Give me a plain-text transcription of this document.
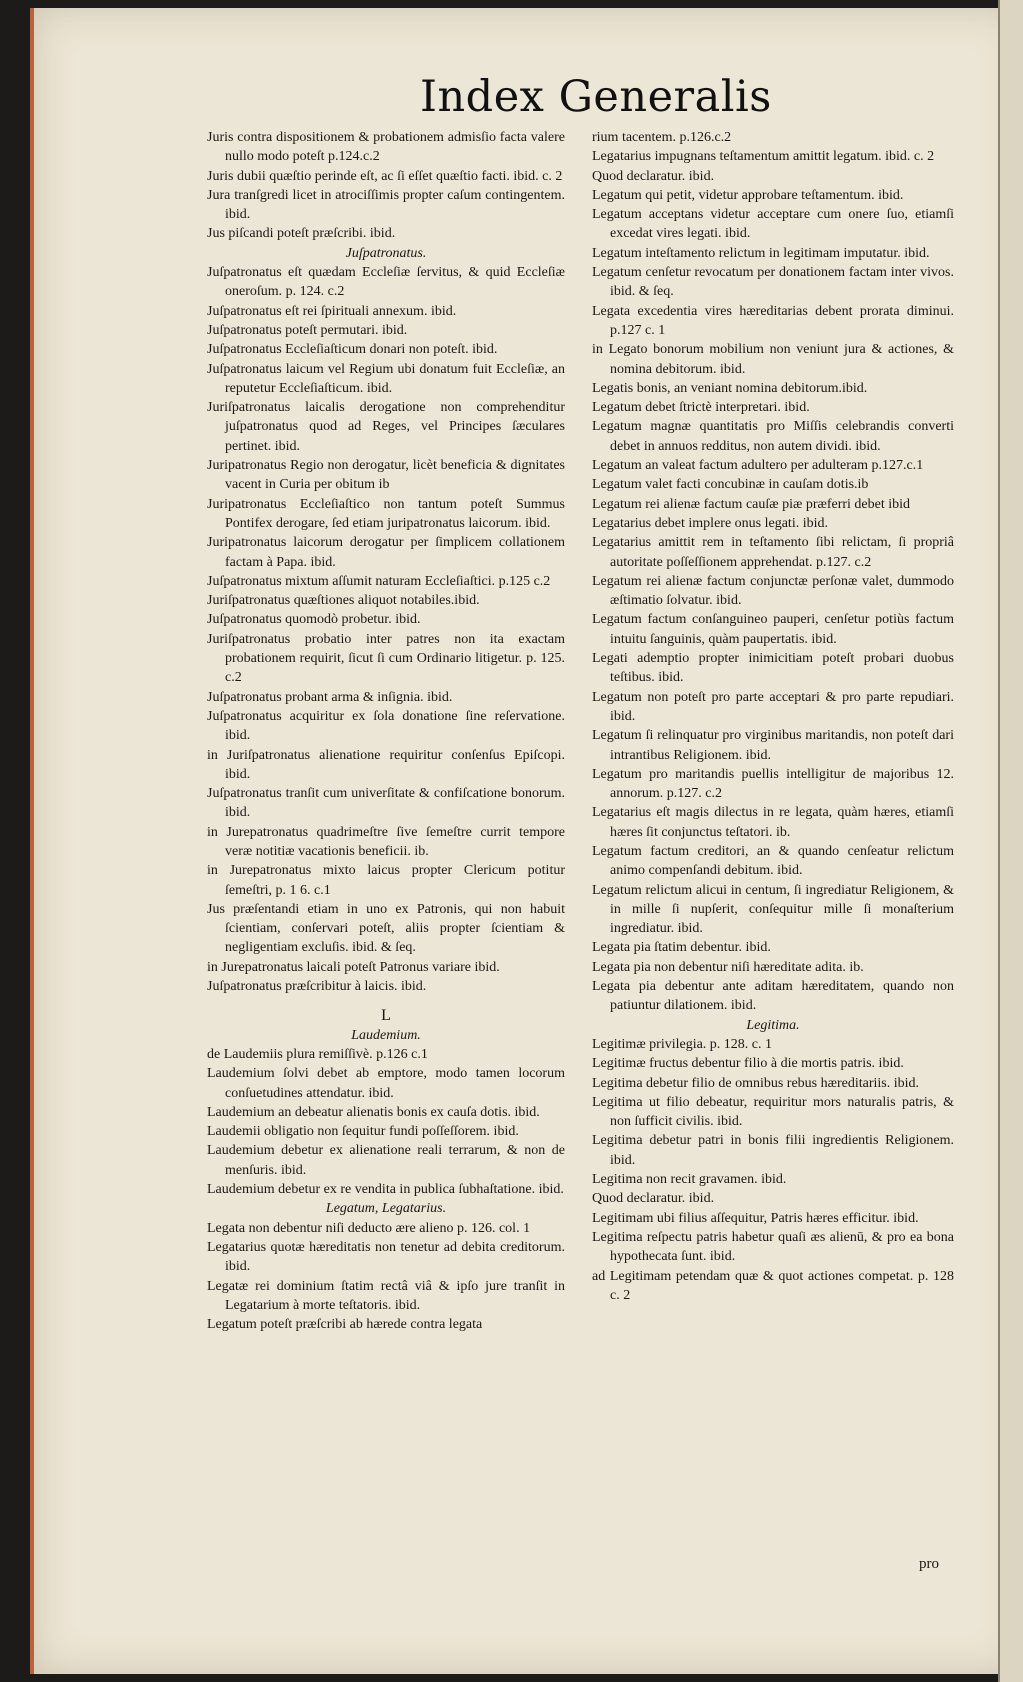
Index Generalis
Juris contra dispositionem & probationem admisſio facta valere nullo modo poteſt p.124.c.2
Juris dubii quæſtio perinde eſt, ac ſi eſſet quæſtio facti. ibid. c. 2
Jura tranſgredi licet in atrociſſimis propter caſum contingentem. ibid.
Jus piſcandi poteſt præſcribi. ibid.
Juſpatronatus.
Juſpatronatus eſt quædam Eccleſiæ ſervitus, & quid Eccleſiæ oneroſum. p. 124. c.2
Juſpatronatus eſt rei ſpirituali annexum. ibid.
Juſpatronatus poteſt permutari. ibid.
Juſpatronatus Eccleſiaſticum donari non poteſt. ibid.
Juſpatronatus laicum vel Regium ubi donatum fuit Eccleſiæ, an reputetur Eccleſiaſticum. ibid.
Juriſpatronatus laicalis derogatione non comprehenditur juſpatronatus quod ad Reges, vel Principes ſæculares pertinet. ibid.
Juripatronatus Regio non derogatur, licèt beneficia & dignitates vacent in Curia per obitum ib
Juripatronatus Eccleſiaſtico non tantum poteſt Summus Pontifex derogare, ſed etiam juripatronatus laicorum. ibid.
Juripatronatus laicorum derogatur per ſimplicem collationem factam à Papa. ibid.
Juſpatronatus mixtum aſſumit naturam Eccleſiaſtici. p.125 c.2
Juriſpatronatus quæſtiones aliquot notabiles.ibid.
Juſpatronatus quomodò probetur. ibid.
Juriſpatronatus probatio inter patres non ita exactam probationem requirit, ſicut ſi cum Ordinario litigetur. p. 125. c.2
Juſpatronatus probant arma & inſignia. ibid.
Juſpatronatus acquiritur ex ſola donatione ſine reſervatione. ibid.
in Juriſpatronatus alienatione requiritur conſenſus Epiſcopi. ibid.
Juſpatronatus tranſit cum univerſitate & confiſcatione bonorum. ibid.
in Jurepatronatus quadrimeſtre ſive ſemeſtre currit tempore veræ notitiæ vacationis beneficii. ib.
in Jurepatronatus mixto laicus propter Clericum potitur ſemeſtri, p. 1 6. c.1
Jus præſentandi etiam in uno ex Patronis, qui non habuit ſcientiam, conſervari poteſt, aliis propter ſcientiam & negligentiam excluſis. ibid. & ſeq.
in Jurepatronatus laicali poteſt Patronus variare ibid.
Juſpatronatus præſcribitur à laicis. ibid.
L
Laudemium.
de Laudemiis plura remiſſivè. p.126 c.1
Laudemium ſolvi debet ab emptore, modo tamen locorum conſuetudines attendatur. ibid.
Laudemium an debeatur alienatis bonis ex cauſa dotis. ibid.
Laudemii obligatio non ſequitur fundi poſſeſſorem. ibid.
Laudemium debetur ex alienatione reali terrarum, & non de menſuris. ibid.
Laudemium debetur ex re vendita in publica ſubhaſtatione. ibid.
Legatum, Legatarius.
Legata non debentur niſi deducto ære alieno p. 126. col. 1
Legatarius quotæ hæreditatis non tenetur ad debita creditorum. ibid.
Legatæ rei dominium ſtatim rectâ viâ & ipſo jure tranſit in Legatarium à morte teſtatoris. ibid.
Legatum poteſt præſcribi ab hærede contra legata
rium tacentem. p.126.c.2
Legatarius impugnans teſtamentum amittit legatum. ibid. c. 2
Quod declaratur. ibid.
Legatum qui petit, videtur approbare teſtamentum. ibid.
Legatum acceptans videtur acceptare cum onere ſuo, etiamſi excedat vires legati. ibid.
Legatum inteſtamento relictum in legitimam imputatur. ibid.
Legatum cenſetur revocatum per donationem factam inter vivos. ibid. & ſeq.
Legata excedentia vires hæreditarias debent prorata diminui. p.127 c. 1
in Legato bonorum mobilium non veniunt jura & actiones, & nomina debitorum. ibid.
Legatis bonis, an veniant nomina debitorum.ibid.
Legatum debet ſtrictè interpretari. ibid.
Legatum magnæ quantitatis pro Miſſis celebrandis converti debet in annuos redditus, non autem dividi. ibid.
Legatum an valeat factum adultero per adulteram p.127.c.1
Legatum valet facti concubinæ in cauſam dotis.ib
Legatum rei alienæ factum cauſæ piæ præferri debet ibid
Legatarius debet implere onus legati. ibid.
Legatarius amittit rem in teſtamento ſibi relictam, ſi propriâ autoritate poſſeſſionem apprehendat. p.127. c.2
Legatum rei alienæ factum conjunctæ perſonæ valet, dummodo æſtimatio ſolvatur. ibid.
Legatum factum conſanguineo pauperi, cenſetur potiùs factum intuitu ſanguinis, quàm paupertatis. ibid.
Legati ademptio propter inimicitiam poteſt probari duobus teſtibus. ibid.
Legatum non poteſt pro parte acceptari & pro parte repudiari. ibid.
Legatum ſi relinquatur pro virginibus maritandis, non poteſt dari intrantibus Religionem. ibid.
Legatum pro maritandis puellis intelligitur de majoribus 12. annorum. p.127. c.2
Legatarius eſt magis dilectus in re legata, quàm hæres, etiamſi hæres ſit conjunctus teſtatori. ib.
Legatum factum creditori, an & quando cenſeatur relictum animo compenſandi debitum. ibid.
Legatum relictum alicui in centum, ſi ingrediatur Religionem, & in mille ſi nupſerit, conſequitur mille ſi monaſterium ingrediatur. ibid.
Legata pia ſtatim debentur. ibid.
Legata pia non debentur niſi hæreditate adita. ib.
Legata pia debentur ante aditam hæreditatem, quando non patiuntur dilationem. ibid.
Legitima.
Legitimæ privilegia. p. 128. c. 1
Legitimæ fructus debentur filio à die mortis patris. ibid.
Legitima debetur filio de omnibus rebus hæreditariis. ibid.
Legitima ut filio debeatur, requiritur mors naturalis patris, & non ſufficit civilis. ibid.
Legitima debetur patri in bonis filii ingredientis Religionem. ibid.
Legitima non recit gravamen. ibid.
Quod declaratur. ibid.
Legitimam ubi filius aſſequitur, Patris hæres efficitur. ibid.
Legitima reſpectu patris habetur quaſi æs alienū, & pro ea bona hypothecata ſunt. ibid.
ad Legitimam petendam quæ & quot actiones competat. p. 128 c. 2
pro
